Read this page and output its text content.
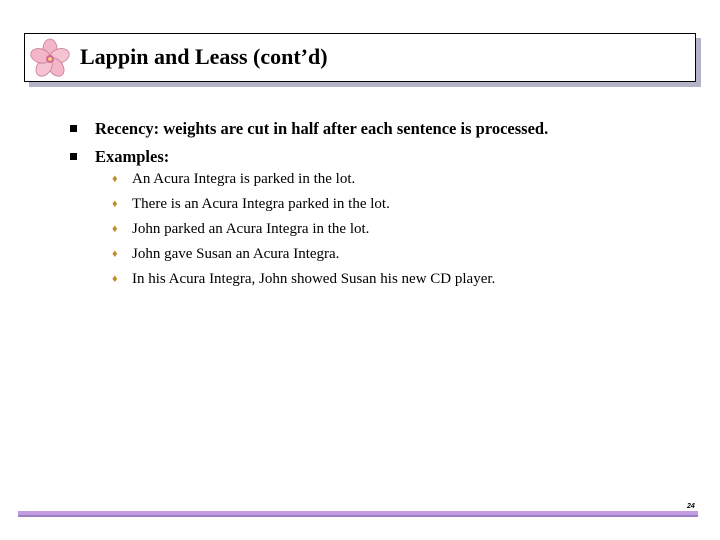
Lappin and Leass (cont’d)
Recency: weights are cut in half after each sentence is processed.
Examples:
♦ An Acura Integra is parked in the lot.
♦ There is an Acura Integra parked in the lot.
♦ John parked an Acura Integra in the lot.
♦ John gave Susan an Acura Integra.
♦ In his Acura Integra, John showed Susan his new CD player.
24
